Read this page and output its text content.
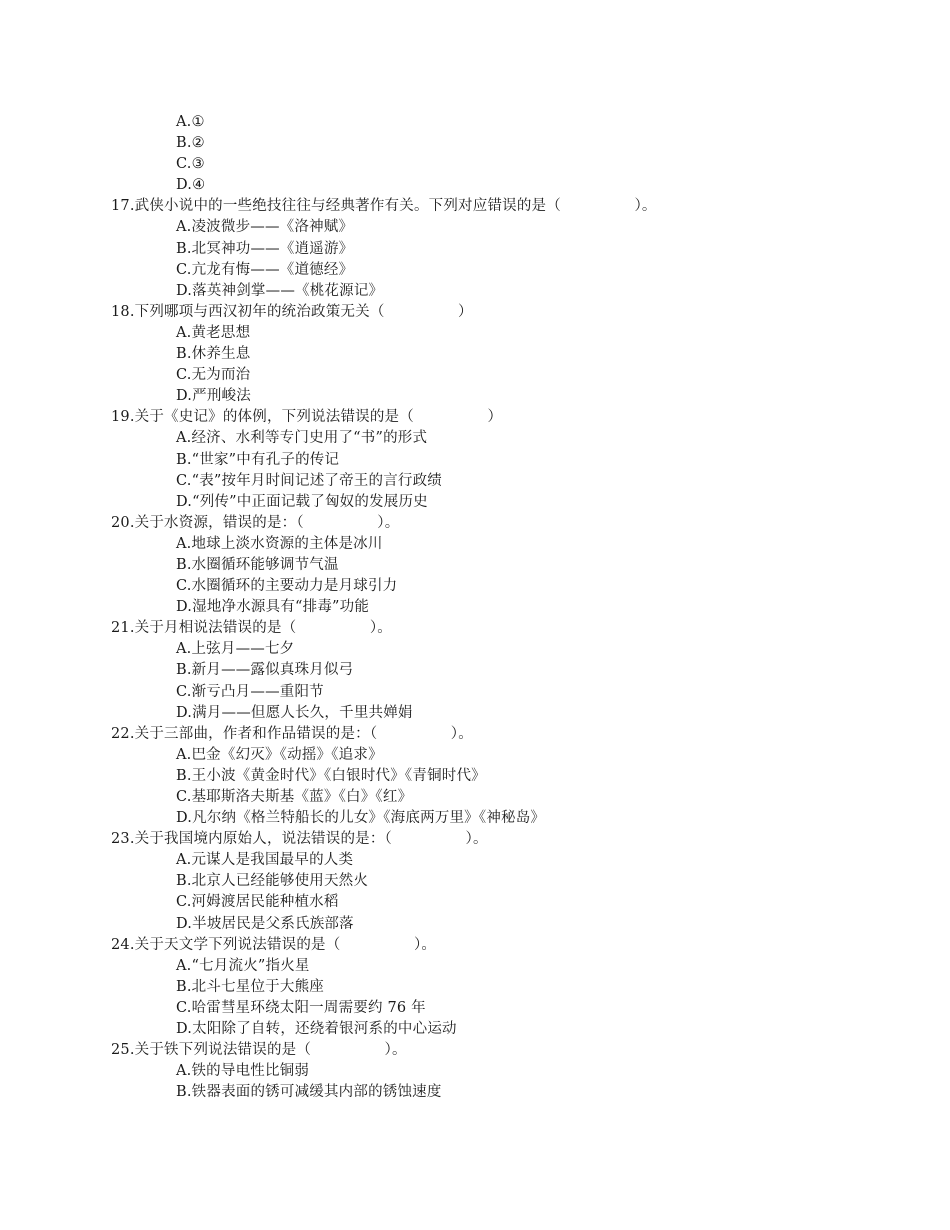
A.①
B.②
C.③
D.④
17.武侠小说中的一些绝技往往与经典著作有关。下列对应错误的是（　　　　　）。
A.凌波微步——《洛神赋》
B.北冥神功——《逍遥游》
C.亢龙有悔——《道德经》
D.落英神剑掌——《桃花源记》
18.下列哪项与西汉初年的统治政策无关（　　　　　）
A.黄老思想
B.休养生息
C.无为而治
D.严刑峻法
19.关于《史记》的体例，下列说法错误的是（　　　　　）
A.经济、水利等专门史用了“书”的形式
B.“世家”中有孔子的传记
C.“表”按年月时间记述了帝王的言行政绩
D.“列传”中正面记载了匈奴的发展历史
20.关于水资源，错误的是：（　　　　　）。
A.地球上淡水资源的主体是冰川
B.水圈循环能够调节气温
C.水圈循环的主要动力是月球引力
D.湿地净水源具有“排毒”功能
21.关于月相说法错误的是（　　　　　）。
A.上弦月——七夕
B.新月——露似真珠月似弓
C.渐亏凸月——重阳节
D.满月——但愿人长久，千里共婵娟
22.关于三部曲，作者和作品错误的是：（　　　　　）。
A.巴金《幻灭》《动摇》《追求》
B.王小波《黄金时代》《白银时代》《青铜时代》
C.基耶斯洛夫斯基《蓝》《白》《红》
D.凡尔纳《格兰特船长的儿女》《海底两万里》《神秘岛》
23.关于我国境内原始人，说法错误的是：（　　　　　）。
A.元谋人是我国最早的人类
B.北京人已经能够使用天然火
C.河姆渡居民能种植水稻
D.半坡居民是父系氏族部落
24.关于天文学下列说法错误的是（　　　　　）。
A.“七月流火”指火星
B.北斗七星位于大熊座
C.哈雷彗星环绕太阳一周需要约 76 年
D.太阳除了自转，还绕着银河系的中心运动
25.关于铁下列说法错误的是（　　　　　）。
A.铁的导电性比铜弱
B.铁器表面的锈可减缓其内部的锈蚀速度
